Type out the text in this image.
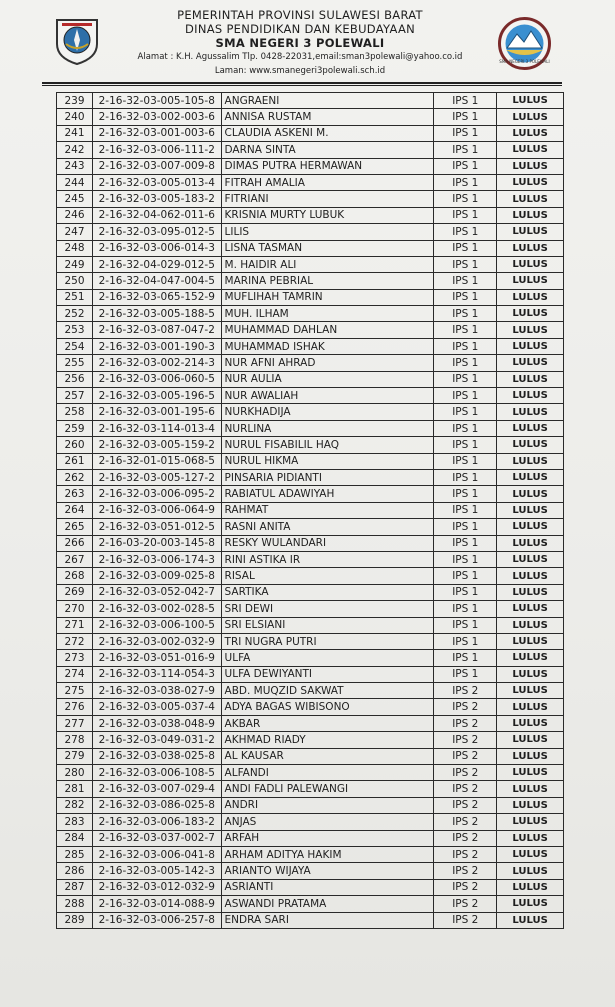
PEMERINTAH PROVINSI SULAWESI BARAT
DINAS PENDIDIKAN DAN KEBUDAYAAN
SMA NEGERI 3 POLEWALI
Alamat : K.H. Agussalim Tlp. 0428-22031,email:sman3polewali@yahoo.co.id
Laman: www.smanegeri3polewali.sch.id
SMA NEGERI 3 POLEWALI
239	2-16-32-03-005-105-8	ANGRAENI	IPS 1	LULUS
240	2-16-32-03-002-003-6	ANNISA RUSTAM	IPS 1	LULUS
241	2-16-32-03-001-003-6	CLAUDIA ASKENI M.	IPS 1	LULUS
242	2-16-32-03-006-111-2	DARNA SINTA	IPS 1	LULUS
243	2-16-32-03-007-009-8	DIMAS PUTRA HERMAWAN	IPS 1	LULUS
244	2-16-32-03-005-013-4	FITRAH AMALIA	IPS 1	LULUS
245	2-16-32-03-005-183-2	FITRIANI	IPS 1	LULUS
246	2-16-32-04-062-011-6	KRISNIA MURTY LUBUK	IPS 1	LULUS
247	2-16-32-03-095-012-5	LILIS	IPS 1	LULUS
248	2-16-32-03-006-014-3	LISNA TASMAN	IPS 1	LULUS
249	2-16-32-04-029-012-5	M. HAIDIR ALI	IPS 1	LULUS
250	2-16-32-04-047-004-5	MARINA PEBRIAL	IPS 1	LULUS
251	2-16-32-03-065-152-9	MUFLIHAH TAMRIN	IPS 1	LULUS
252	2-16-32-03-005-188-5	MUH. ILHAM	IPS 1	LULUS
253	2-16-32-03-087-047-2	MUHAMMAD DAHLAN	IPS 1	LULUS
254	2-16-32-03-001-190-3	MUHAMMAD ISHAK	IPS 1	LULUS
255	2-16-32-03-002-214-3	NUR AFNI AHRAD	IPS 1	LULUS
256	2-16-32-03-006-060-5	NUR AULIA	IPS 1	LULUS
257	2-16-32-03-005-196-5	NUR AWALIAH	IPS 1	LULUS
258	2-16-32-03-001-195-6	NURKHADIJA	IPS 1	LULUS
259	2-16-32-03-114-013-4	NURLINA	IPS 1	LULUS
260	2-16-32-03-005-159-2	NURUL FISABILIL HAQ	IPS 1	LULUS
261	2-16-32-01-015-068-5	NURUL HIKMA	IPS 1	LULUS
262	2-16-32-03-005-127-2	PINSARIA PIDIANTI	IPS 1	LULUS
263	2-16-32-03-006-095-2	RABIATUL ADAWIYAH	IPS 1	LULUS
264	2-16-32-03-006-064-9	RAHMAT	IPS 1	LULUS
265	2-16-32-03-051-012-5	RASNI ANITA	IPS 1	LULUS
266	2-16-03-20-003-145-8	RESKY WULANDARI	IPS 1	LULUS
267	2-16-32-03-006-174-3	RINI ASTIKA IR	IPS 1	LULUS
268	2-16-32-03-009-025-8	RISAL	IPS 1	LULUS
269	2-16-32-03-052-042-7	SARTIKA	IPS 1	LULUS
270	2-16-32-03-002-028-5	SRI DEWI	IPS 1	LULUS
271	2-16-32-03-006-100-5	SRI ELSIANI	IPS 1	LULUS
272	2-16-32-03-002-032-9	TRI NUGRA PUTRI	IPS 1	LULUS
273	2-16-32-03-051-016-9	ULFA	IPS 1	LULUS
274	2-16-32-03-114-054-3	ULFA DEWIYANTI	IPS 1	LULUS
275	2-16-32-03-038-027-9	ABD. MUQZID SAKWAT	IPS 2	LULUS
276	2-16-32-03-005-037-4	ADYA BAGAS WIBISONO	IPS 2	LULUS
277	2-16-32-03-038-048-9	AKBAR	IPS 2	LULUS
278	2-16-32-03-049-031-2	AKHMAD RIADY	IPS 2	LULUS
279	2-16-32-03-038-025-8	AL KAUSAR	IPS 2	LULUS
280	2-16-32-03-006-108-5	ALFANDI	IPS 2	LULUS
281	2-16-32-03-007-029-4	ANDI FADLI PALEWANGI	IPS 2	LULUS
282	2-16-32-03-086-025-8	ANDRI	IPS 2	LULUS
283	2-16-32-03-006-183-2	ANJAS	IPS 2	LULUS
284	2-16-32-03-037-002-7	ARFAH	IPS 2	LULUS
285	2-16-32-03-006-041-8	ARHAM ADITYA HAKIM	IPS 2	LULUS
286	2-16-32-03-005-142-3	ARIANTO WIJAYA	IPS 2	LULUS
287	2-16-32-03-012-032-9	ASRIANTI	IPS 2	LULUS
288	2-16-32-03-014-088-9	ASWANDI PRATAMA	IPS 2	LULUS
289	2-16-32-03-006-257-8	ENDRA SARI	IPS 2	LULUS
